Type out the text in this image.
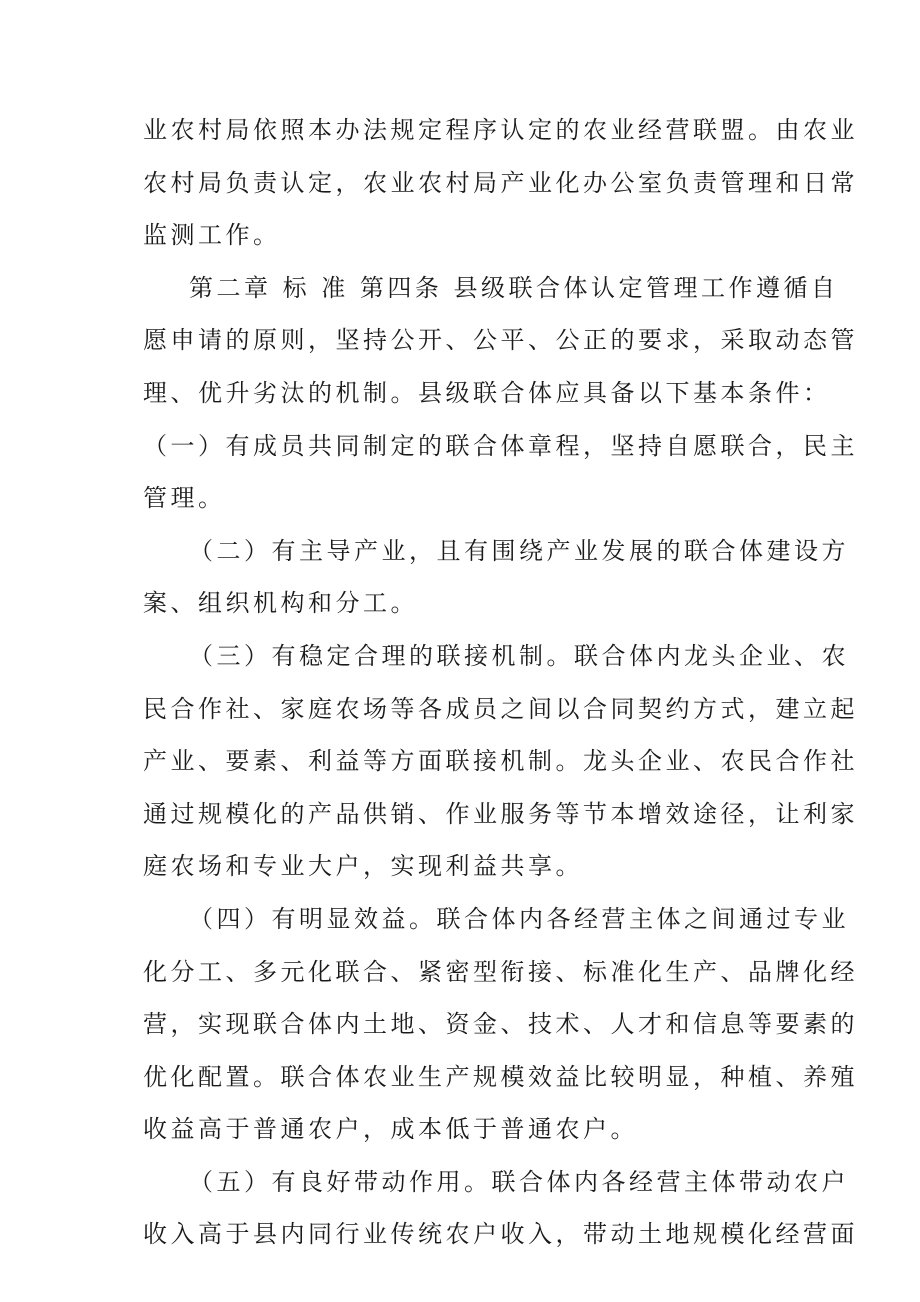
业农村局依照本办法规定程序认定的农业经营联盟。由农业
农村局负责认定，农业农村局产业化办公室负责管理和日常
监测工作。
第二章 标 准 第四条 县级联合体认定管理工作遵循自
愿申请的原则，坚持公开、公平、公正的要求，采取动态管
理、优升劣汰的机制。县级联合体应具备以下基本条件：
（一）有成员共同制定的联合体章程，坚持自愿联合，民主
管理。
（二）有主导产业，且有围绕产业发展的联合体建设方
案、组织机构和分工。
（三）有稳定合理的联接机制。联合体内龙头企业、农
民合作社、家庭农场等各成员之间以合同契约方式，建立起
产业、要素、利益等方面联接机制。龙头企业、农民合作社
通过规模化的产品供销、作业服务等节本增效途径，让利家
庭农场和专业大户，实现利益共享。
（四）有明显效益。联合体内各经营主体之间通过专业
化分工、多元化联合、紧密型衔接、标准化生产、品牌化经
营，实现联合体内土地、资金、技术、人才和信息等要素的
优化配置。联合体农业生产规模效益比较明显，种植、养殖
收益高于普通农户，成本低于普通农户。
（五）有良好带动作用。联合体内各经营主体带动农户
收入高于县内同行业传统农户收入，带动土地规模化经营面
